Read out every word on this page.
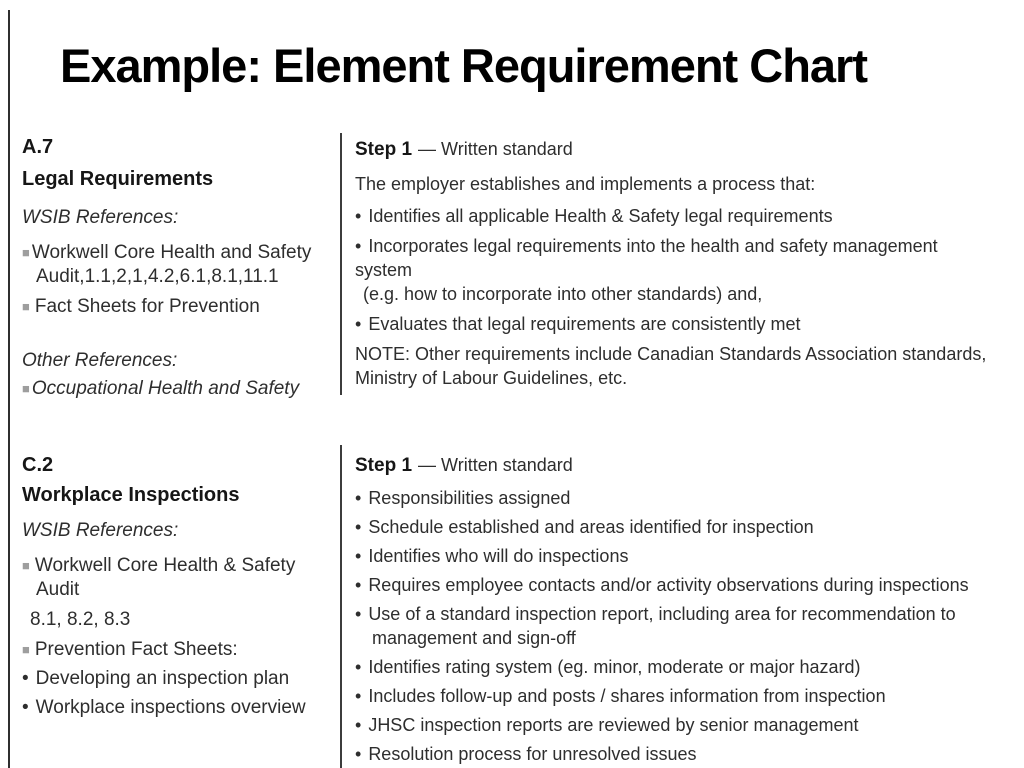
Example: Element Requirement Chart
A.7
Legal Requirements
WSIB References:
■ Workwell Core Health and Safety
Audit,1.1,2,1,4.2,6.1,8.1,11.1
■ Fact Sheets for Prevention
Other References:
■ Occupational Health and Safety
Step 1 — Written standard
The employer establishes and implements a process that:
• Identifies all applicable Health & Safety legal requirements
• Incorporates legal requirements into the health and safety management system
(e.g. how to incorporate into other standards) and,
• Evaluates that legal requirements are consistently met
NOTE: Other requirements include Canadian Standards Association standards, Ministry of Labour Guidelines, etc.
C.2
Workplace Inspections
WSIB References:
■ Workwell Core Health & Safety
Audit
8.1, 8.2, 8.3
■ Prevention Fact Sheets:
• Developing an inspection plan
• Workplace inspections overview
Step 1 — Written standard
• Responsibilities assigned
• Schedule established and areas identified for inspection
• Identifies who will do inspections
• Requires employee contacts and/or activity observations during inspections
• Use of a standard inspection report, including area for recommendation to management and sign-off
• Identifies rating system (eg. minor, moderate or major hazard)
• Includes follow-up and posts / shares information from inspection
• JHSC inspection reports are reviewed by senior management
• Resolution process for unresolved issues
